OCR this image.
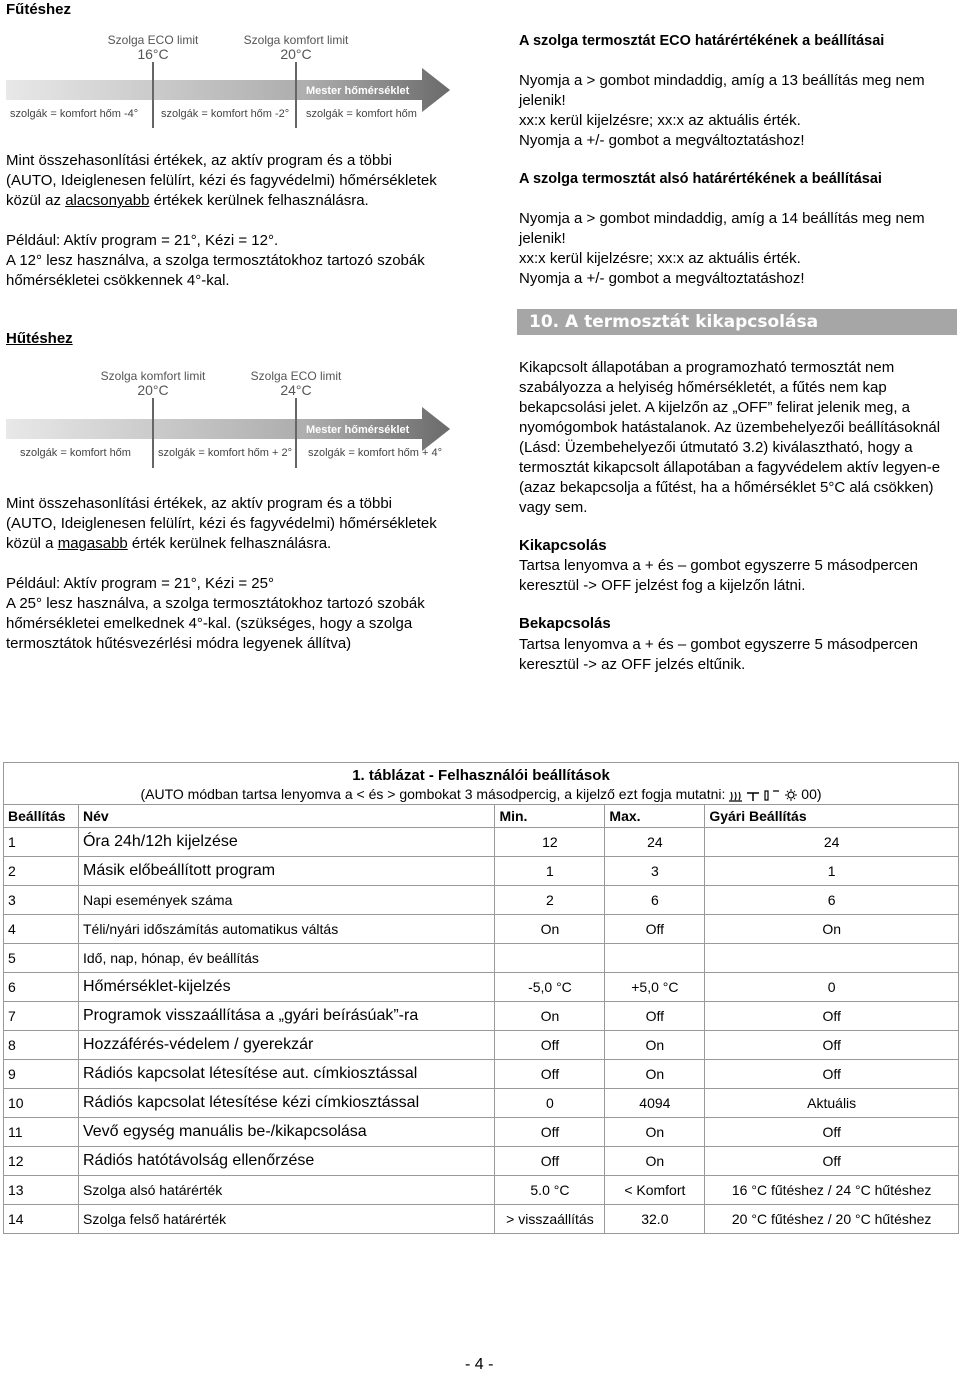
Fűtéshez
Szolga ECO limit
16°C
Szolga komfort limit
20°C
Mester hőmérséklet
szolgák = komfort hőm -4° szolgák = komfort hőm -2° szolgák = komfort hőm

Mint összehasonlítási értékek, az aktív program és a többi (AUTO, Ideiglenesen felülírt, kézi és fagyvédelmi) hőmérsékletek közül az alacsonyabb értékek kerülnek felhasználásra.

Például: Aktív program = 21°, Kézi = 12°.

A 12° lesz használva, a szolga termosztátokhoz tartozó szobák hőmérsékletei csökkennek 4°-kal.

Hűtéshez
Szolga komfort limit
20°C
Szolga ECO limit
24°C
Mester hőmérséklet
szolgák = komfort hőm szolgák = komfort hőm + 2° szolgák = komfort hőm + 4°

Mint összehasonlítási értékek, az aktív program és a többi (AUTO, Ideiglenesen felülírt, kézi és fagyvédelmi) hőmérsékletek közül a magasabb érték kerülnek felhasználásra.

Például: Aktív program = 21°, Kézi = 25°

A 25° lesz használva, a szolga termosztátokhoz tartozó szobák hőmérsékletei emelkednek 4°-kal. (szükséges, hogy a szolga termosztátok hűtésvezérlési módra legyenek állítva)

A szolga termosztát ECO határértékének a beállításai

Nyomja a > gombot mindaddig, amíg a 13 beállítás meg nem jelenik!

xx:x kerül kijelzésre; xx:x az aktuális érték.

Nyomja a +/- gombot a megváltoztatáshoz!

A szolga termosztát alsó határértékének a beállításai

Nyomja a > gombot mindaddig, amíg a 14 beállítás meg nem jelenik!

xx:x kerül kijelzésre; xx:x az aktuális érték.

Nyomja a +/- gombot a megváltoztatáshoz!

10. A termosztát kikapcsolása
Kikapcsolt állapotában a programozható termosztát nem szabályozza a helyiség hőmérsékletét, a fűtés nem kap bekapcsolási jelet. A kijelzőn az „OFF” felirat jelenik meg, a nyomógombok hatástalanok. Az üzembehelyezői beállításoknál (Lásd: Üzembehelyezői útmutató 3.2) kiválasztható, hogy a termosztát kikapcsolt állapotában a fagyvédelem aktív legyen-e (azaz bekapcsolja a fűtést, ha a hőmérséklet 5°C alá csökken) vagy sem.
Kikapcsolás
Tartsa lenyomva a + és – gombot egyszerre 5 másodpercen keresztül -> OFF jelzést fog a kijelzőn látni.
Bekapcsolás
Tartsa lenyomva a + és – gombot egyszerre 5 másodpercen keresztül -> az OFF jelzés eltűnik.
1. táblázat - Felhasználói beállítások
(AUTO módban tartsa lenyomva a < és > gombokat 3 másodpercig, a kijelző ezt fogja mutatni: 00)				

Beállítás	Név	Min.	Max.	Gyári Beállítás
1	Óra 24h/12h kijelzése	12	24	24
2	Másik előbeállított program	1	3	1
3	Napi események száma	2	6	6
4	Téli/nyári időszámítás automatikus váltás	On	Off	On
5	Idő, nap, hónap, év beállítás			
6	Hőmérséklet-kijelzés	-5,0 °C	+5,0 °C	0
7	Programok visszaállítása a „gyári beírásúak”-ra	On	Off	Off
8	Hozzáférés-védelem / gyerekzár	Off	On	Off
9	Rádiós kapcsolat létesítése aut. címkiosztással	Off	On	Off
10	Rádiós kapcsolat létesítése kézi címkiosztással	0	4094	Aktuális
11	Vevő egység manuális be-/kikapcsolása	Off	On	Off
12	Rádiós hatótávolság ellenőrzése	Off	On	Off
13	Szolga alsó határérték	5.0 °C	< Komfort	16 °C fűtéshez / 24 °C hűtéshez
14	Szolga felső határérték	> visszaállítás	32.0	20 °C fűtéshez / 20 °C hűtéshez
- 4 -
